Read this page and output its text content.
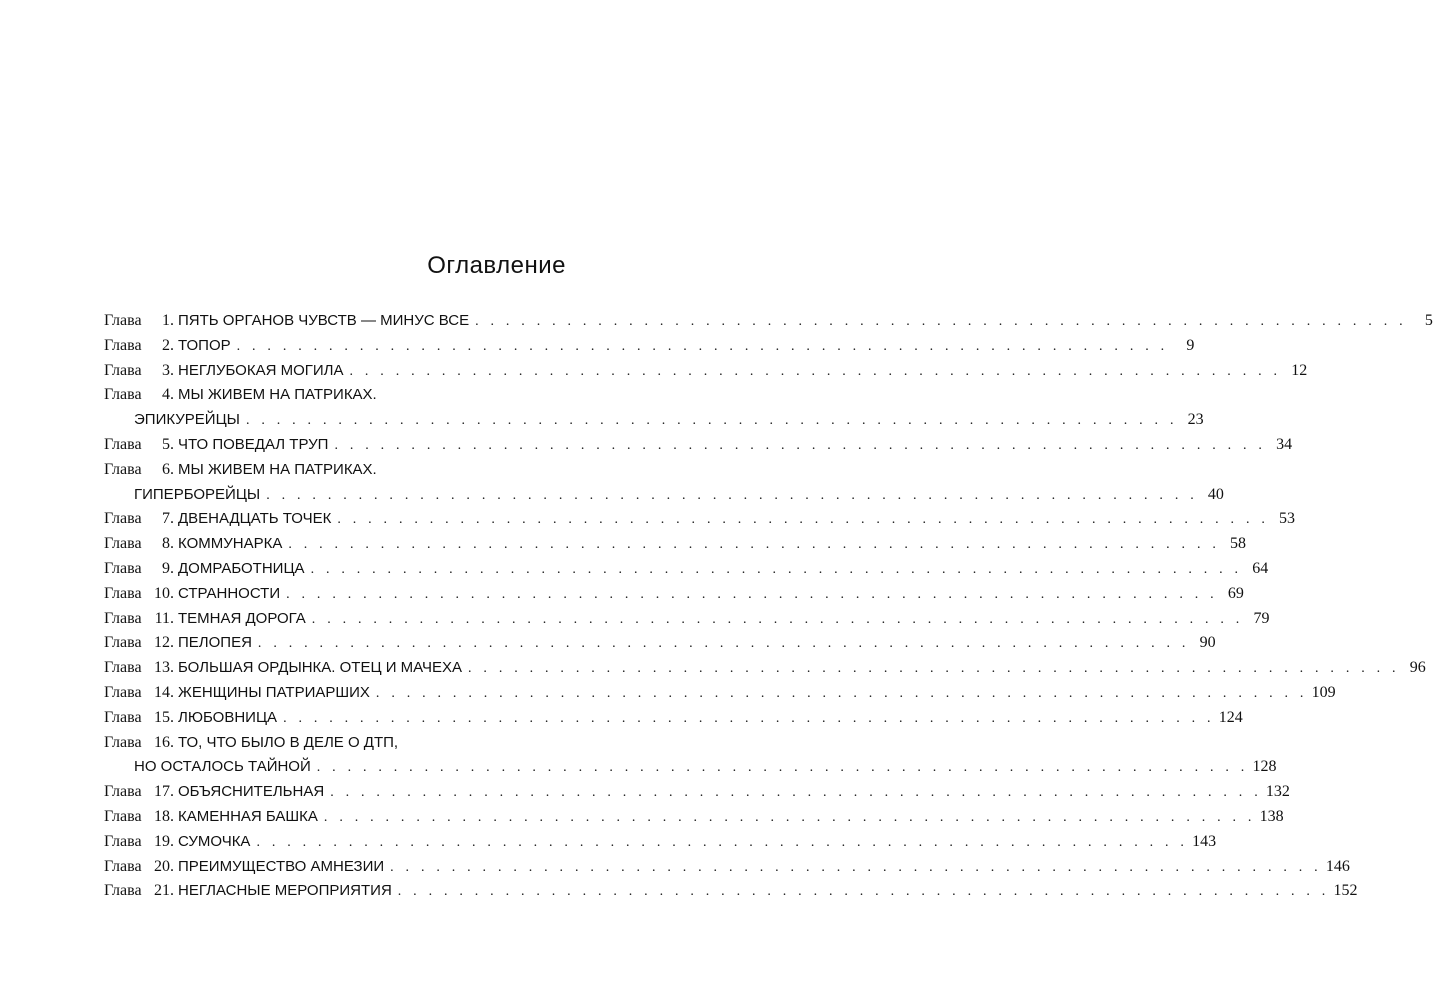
Оглавление
Глава	1. ПЯТЬ ОРГАНОВ ЧУВСТВ — МИНУС ВСЕ . . . . . . . . . . . . . . . . . . . . . . . . . . . . . . . . . . . . . . . . . . . . . . . . . . . . . . . . . . . . .	5
Глава	2. ТОПОР . . . . . . . . . . . . . . . . . . . . . . . . . . . . . . . . . . . . . . . . . . . . . . . . . . . . . . . . . . . . .	9
Глава	3. НЕГЛУБОКАЯ МОГИЛА . . . . . . . . . . . . . . . . . . . . . . . . . . . . . . . . . . . . . . . . . . . . . . . . . . . . . . . . . . . . . 12
Глава	4. МЫ ЖИВЕМ НА ПАТРИКАХ.
ЭПИКУРЕЙЦЫ . . . . . . . . . . . . . . . . . . . . . . . . . . . . . . . . . . . . . . . . . . . . . . . . . . . . . . . . . . . . . 23
Глава	5. ЧТО ПОВЕДАЛ ТРУП . . . . . . . . . . . . . . . . . . . . . . . . . . . . . . . . . . . . . . . . . . . . . . . . . . . . . . . . . . . . . 34
Глава	6. МЫ ЖИВЕМ НА ПАТРИКАХ.
ГИПЕРБОРЕЙЦЫ . . . . . . . . . . . . . . . . . . . . . . . . . . . . . . . . . . . . . . . . . . . . . . . . . . . . . . . . . . . . . 40
Глава	7. ДВЕНАДЦАТЬ ТОЧЕК . . . . . . . . . . . . . . . . . . . . . . . . . . . . . . . . . . . . . . . . . . . . . . . . . . . . . . . . . . . . . 53
Глава	8. КОММУНАРКА . . . . . . . . . . . . . . . . . . . . . . . . . . . . . . . . . . . . . . . . . . . . . . . . . . . . . . . . . . . . . 58
Глава	9. ДОМРАБОТНИЦА . . . . . . . . . . . . . . . . . . . . . . . . . . . . . . . . . . . . . . . . . . . . . . . . . . . . . . . . . . . . . 64
Глава 10. СТРАННОСТИ . . . . . . . . . . . . . . . . . . . . . . . . . . . . . . . . . . . . . . . . . . . . . . . . . . . . . . . . . . . . . 69
Глава 11. ТЕМНАЯ ДОРОГА . . . . . . . . . . . . . . . . . . . . . . . . . . . . . . . . . . . . . . . . . . . . . . . . . . . . . . . . . . . . . 79
Глава 12. ПЕЛОПЕЯ . . . . . . . . . . . . . . . . . . . . . . . . . . . . . . . . . . . . . . . . . . . . . . . . . . . . . . . . . . . . . 90
Глава 13. БОЛЬШАЯ ОРДЫНКА. ОТЕЦ И МАЧЕХА . . . . . . . . . . . . . . . . . . . . . . . . . . . . . . . . . . . . . . . . . . . . . . . . . . . . . . . . . . . . . 96
Глава 14. ЖЕНЩИНЫ ПАТРИАРШИХ . . . . . . . . . . . . . . . . . . . . . . . . . . . . . . . . . . . . . . . . . . . . . . . . . . . . . . . . . . . . . 109
Глава 15. ЛЮБОВНИЦА . . . . . . . . . . . . . . . . . . . . . . . . . . . . . . . . . . . . . . . . . . . . . . . . . . . . . . . . . . . . . 124
Глава 16. ТО, ЧТО БЫЛО В ДЕЛЕ О ДТП,
НО ОСТАЛОСЬ ТАЙНОЙ . . . . . . . . . . . . . . . . . . . . . . . . . . . . . . . . . . . . . . . . . . . . . . . . . . . . . . . . . . . . . 128
Глава 17. ОБЪЯСНИТЕЛЬНАЯ . . . . . . . . . . . . . . . . . . . . . . . . . . . . . . . . . . . . . . . . . . . . . . . . . . . . . . . . . . . . . 132
Глава 18. КАМЕННАЯ БАШКА . . . . . . . . . . . . . . . . . . . . . . . . . . . . . . . . . . . . . . . . . . . . . . . . . . . . . . . . . . . . . 138
Глава 19. СУМОЧКА . . . . . . . . . . . . . . . . . . . . . . . . . . . . . . . . . . . . . . . . . . . . . . . . . . . . . . . . . . . . . 143
Глава 20. ПРЕИМУЩЕСТВО АМНЕЗИИ . . . . . . . . . . . . . . . . . . . . . . . . . . . . . . . . . . . . . . . . . . . . . . . . . . . . . . . . . . . . . 146
Глава 21. НЕГЛАСНЫЕ МЕРОПРИЯТИЯ . . . . . . . . . . . . . . . . . . . . . . . . . . . . . . . . . . . . . . . . . . . . . . . . . . . . . . . . . . . . . 152
